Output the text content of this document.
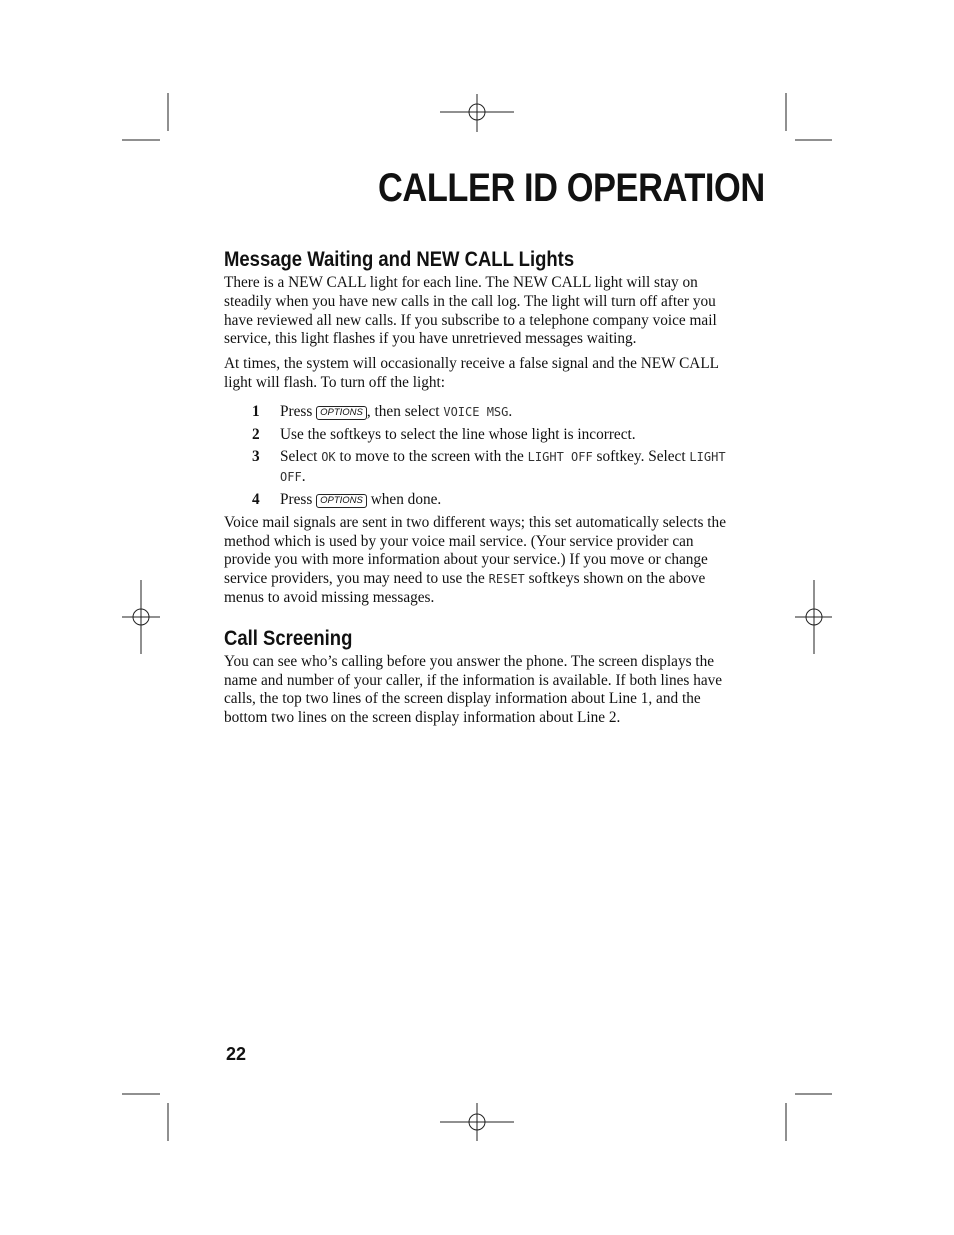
CALLER ID OPERATION
Message Waiting and NEW CALL Lights

There is a NEW CALL light for each line. The NEW CALL light will stay on steadily when you have new calls in the call log. The light will turn off after you have reviewed all new calls. If you subscribe to a telephone company voice mail service, this light flashes if you have unretrieved messages waiting.

At times, the system will occasionally receive a false signal and the NEW CALL light will flash. To turn off the light:

1	Press OPTIONS , then select VOICE MSG.
2	Use the softkeys to select the line whose light is incorrect.
3	Select OK to move to the screen with the LIGHT OFF softkey. Select LIGHT OFF.
4	Press OPTIONS when done.

Voice mail signals are sent in two different ways; this set automatically selects the method which is used by your voice mail service. (Your service provider can provide you with more information about your service.) If you move or change service providers, you may need to use the RESET softkeys shown on the above menus to avoid missing messages.

Call Screening

You can see who’s calling before you answer the phone. The screen displays the name and number of your caller, if the information is available. If both lines have calls, the top two lines of the screen display information about Line 1, and the bottom two lines on the screen display information about Line 2.

22
